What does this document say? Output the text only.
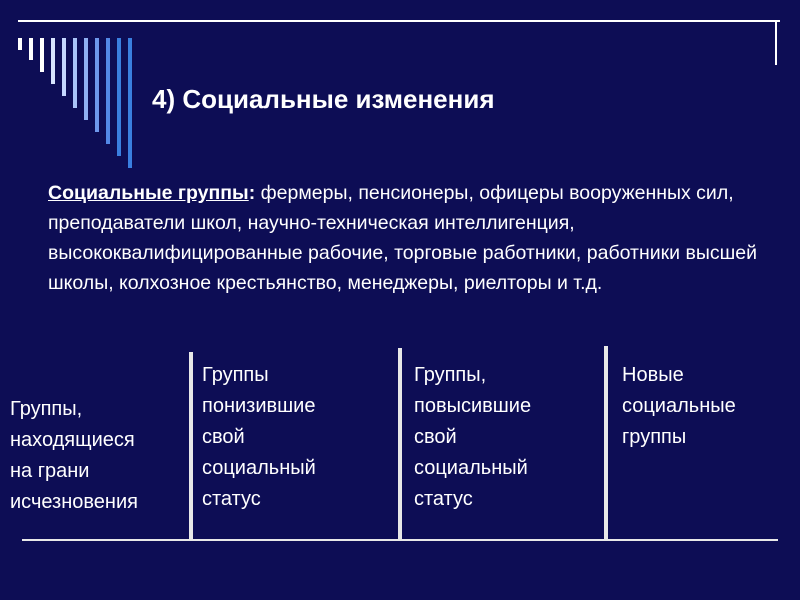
4) Социальные изменения
Социальные группы: фермеры, пенсионеры, офицеры вооруженных сил, преподаватели школ, научно-техническая интеллигенция, высококвалифицированные рабочие, торговые работники, работники высшей школы, колхозное крестьянство, менеджеры, риелторы и т.д.
Группы,
находящиеся
на грани
исчезновения
Группы
понизившие
свой
социальный
статус
Группы,
повысившие
свой
социальный
статус
Новые
социальные
группы
